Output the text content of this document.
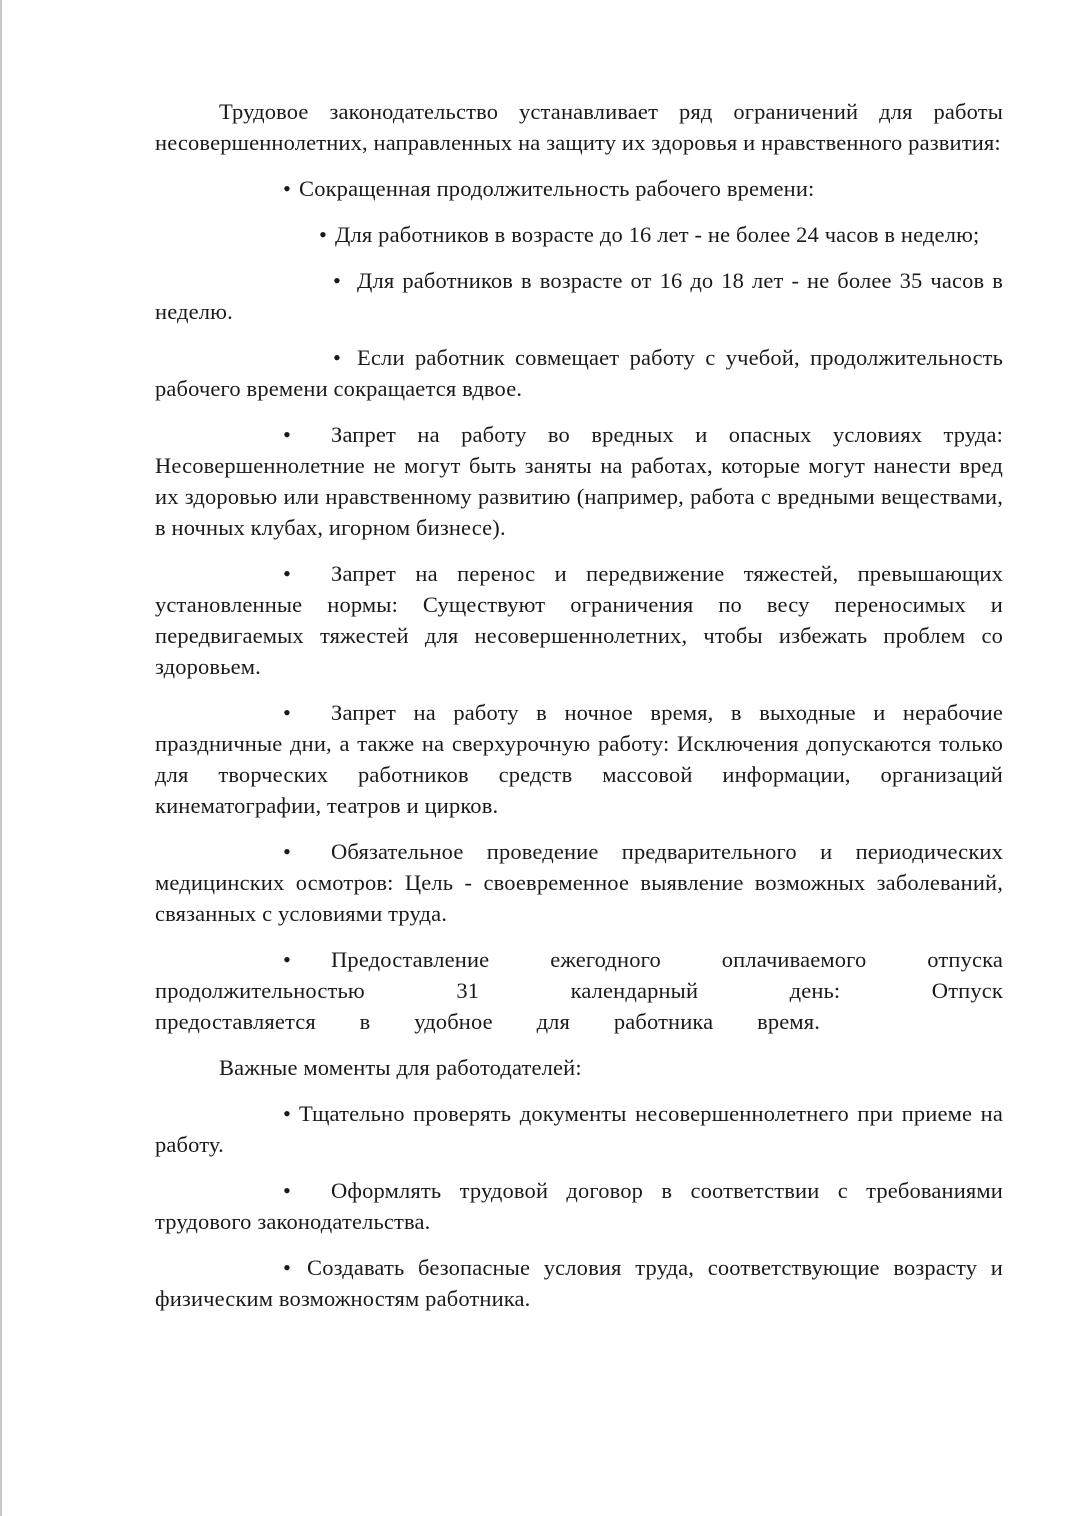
Трудовое законодательство устанавливает ряд ограничений для работы несовершеннолетних, направленных на защиту их здоровья и нравственного развития:

• Сокращенная продолжительность рабочего времени:

• Для работников в возрасте до 16 лет - не более 24 часов в неделю;

• Для работников в возрасте от 16 до 18 лет - не более 35 часов в неделю.

• Если работник совмещает работу с учебой, продолжительность рабочего времени сокращается вдвое.

• Запрет на работу во вредных и опасных условиях труда: Несовершеннолетние не могут быть заняты на работах, которые могут нанести вред их здоровью или нравственному развитию (например, работа с вредными веществами, в ночных клубах, игорном бизнесе).

• Запрет на перенос и передвижение тяжестей, превышающих установленные нормы: Существуют ограничения по весу переносимых и передвигаемых тяжестей для несовершеннолетних, чтобы избежать проблем со здоровьем.

• Запрет на работу в ночное время, в выходные и нерабочие праздничные дни, а также на сверхурочную работу: Исключения допускаются только для творческих работников средств массовой информации, организаций кинематографии, театров и цирков.

• Обязательное проведение предварительного и периодических медицинских осмотров: Цель - своевременное выявление возможных заболеваний, связанных с условиями труда.

• Предоставление ежегодного оплачиваемого отпуска продолжительностью 31 календарный день: Отпуск предоставляется в удобное для работника время.

Важные моменты для работодателей:

• Тщательно проверять документы несовершеннолетнего при приеме на работу.

• Оформлять трудовой договор в соответствии с требованиями трудового законодательства.

• Создавать безопасные условия труда, соответствующие возрасту и физическим возможностям работника.
